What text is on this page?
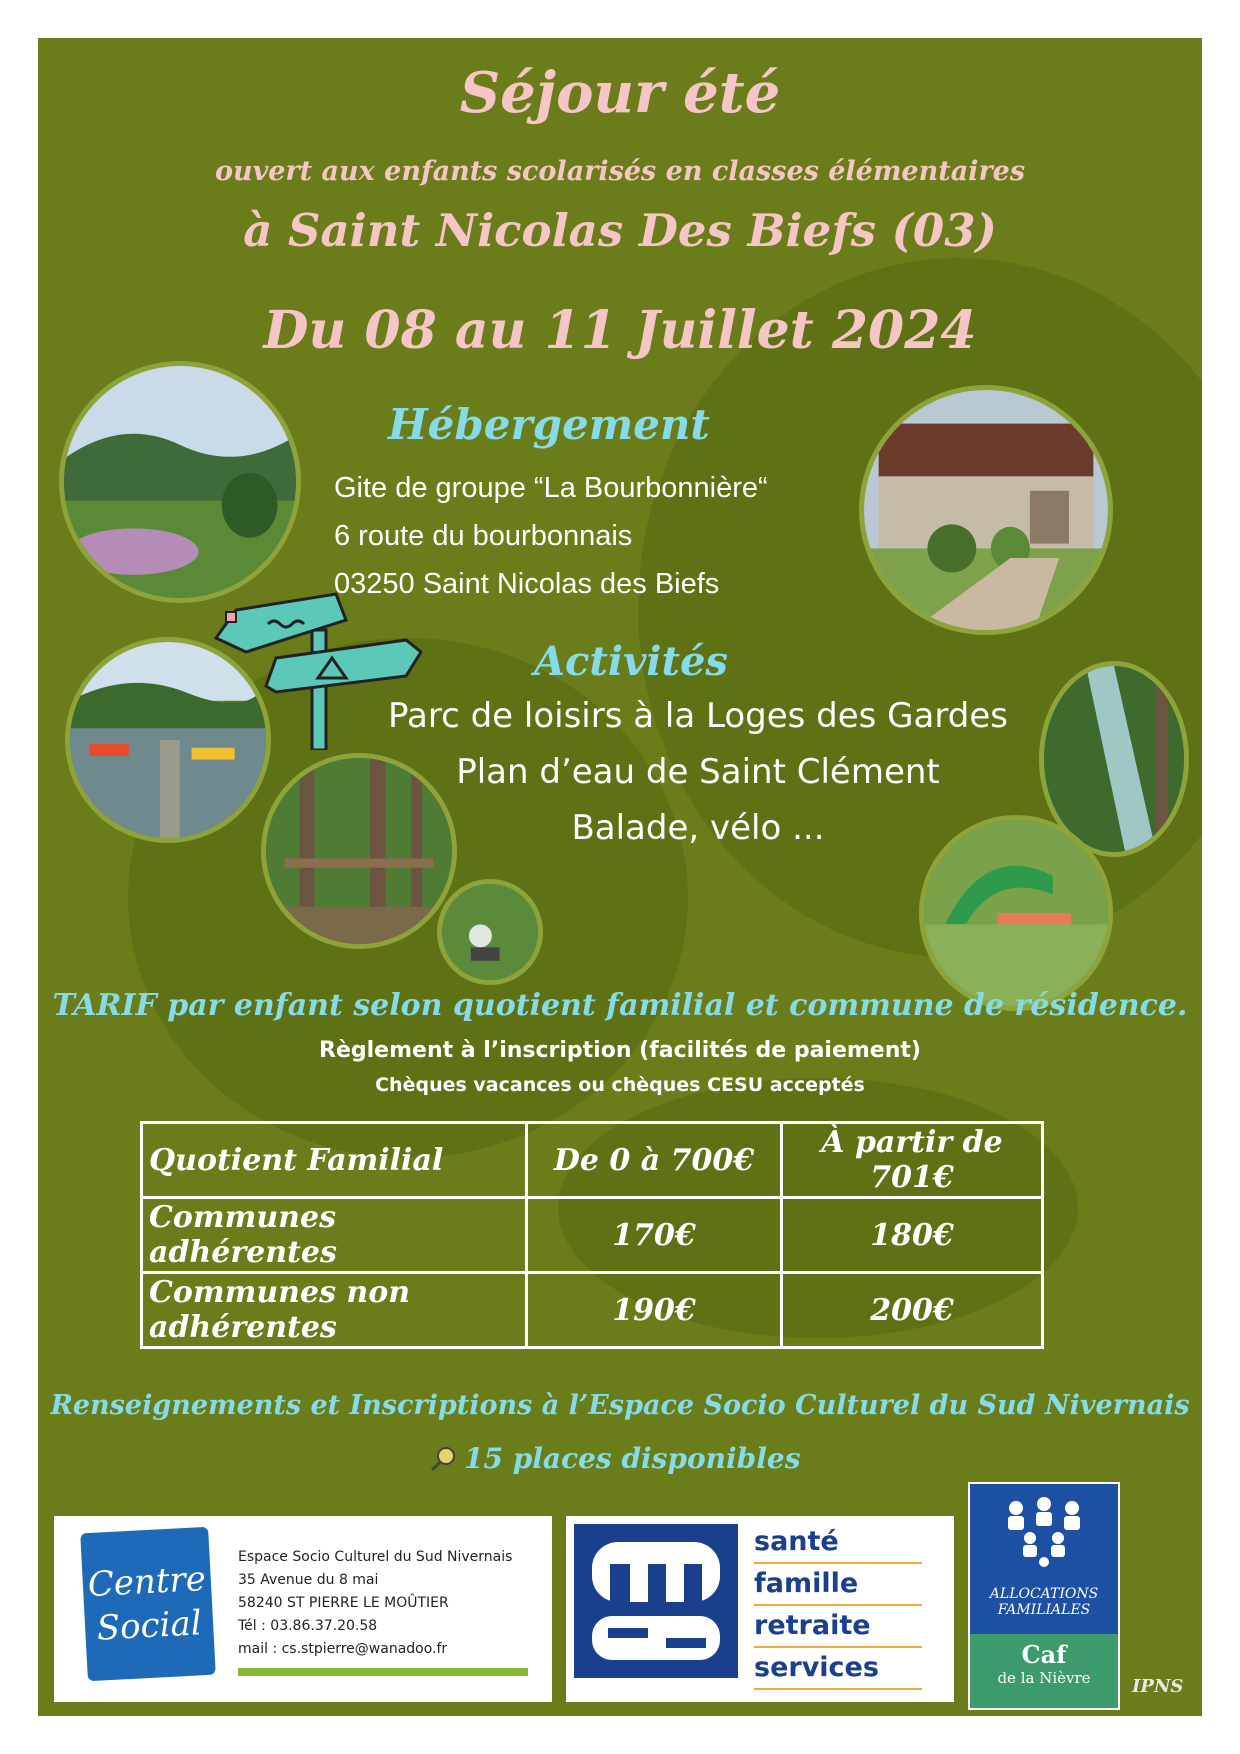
Séjour été
ouvert aux enfants scolarisés en classes élémentaires
à Saint Nicolas Des Biefs (03)
Du 08 au 11 Juillet 2024
Hébergement
Gite de groupe “La Bourbonnière“
6 route du bourbonnais
03250 Saint Nicolas des Biefs
Activités
Parc de loisirs à la Loges des Gardes
Plan d’eau de Saint Clément
Balade, vélo ...
TARIF par enfant selon quotient familial et commune de résidence.
Règlement à l’inscription (facilités de paiement)
Chèques vacances ou chèques CESU acceptés
Quotient Familial	De 0 à 700€	À partir de 701€
Communes adhérentes	170€	180€
Communes non adhérentes	190€	200€
Renseignements et Inscriptions à l’Espace Socio Culturel du Sud Nivernais
15 places disponibles
Centre
Social
Espace Socio Culturel du Sud Nivernais
35 Avenue du 8 mai
58240 ST PIERRE LE MOÛTIER
Tél : 03.86.37.20.58
mail : cs.stpierre@wanadoo.fr
santé
famille
retraite
services
ALLOCATIONS
FAMILIALES
Caf
de la Nièvre	IPNS
